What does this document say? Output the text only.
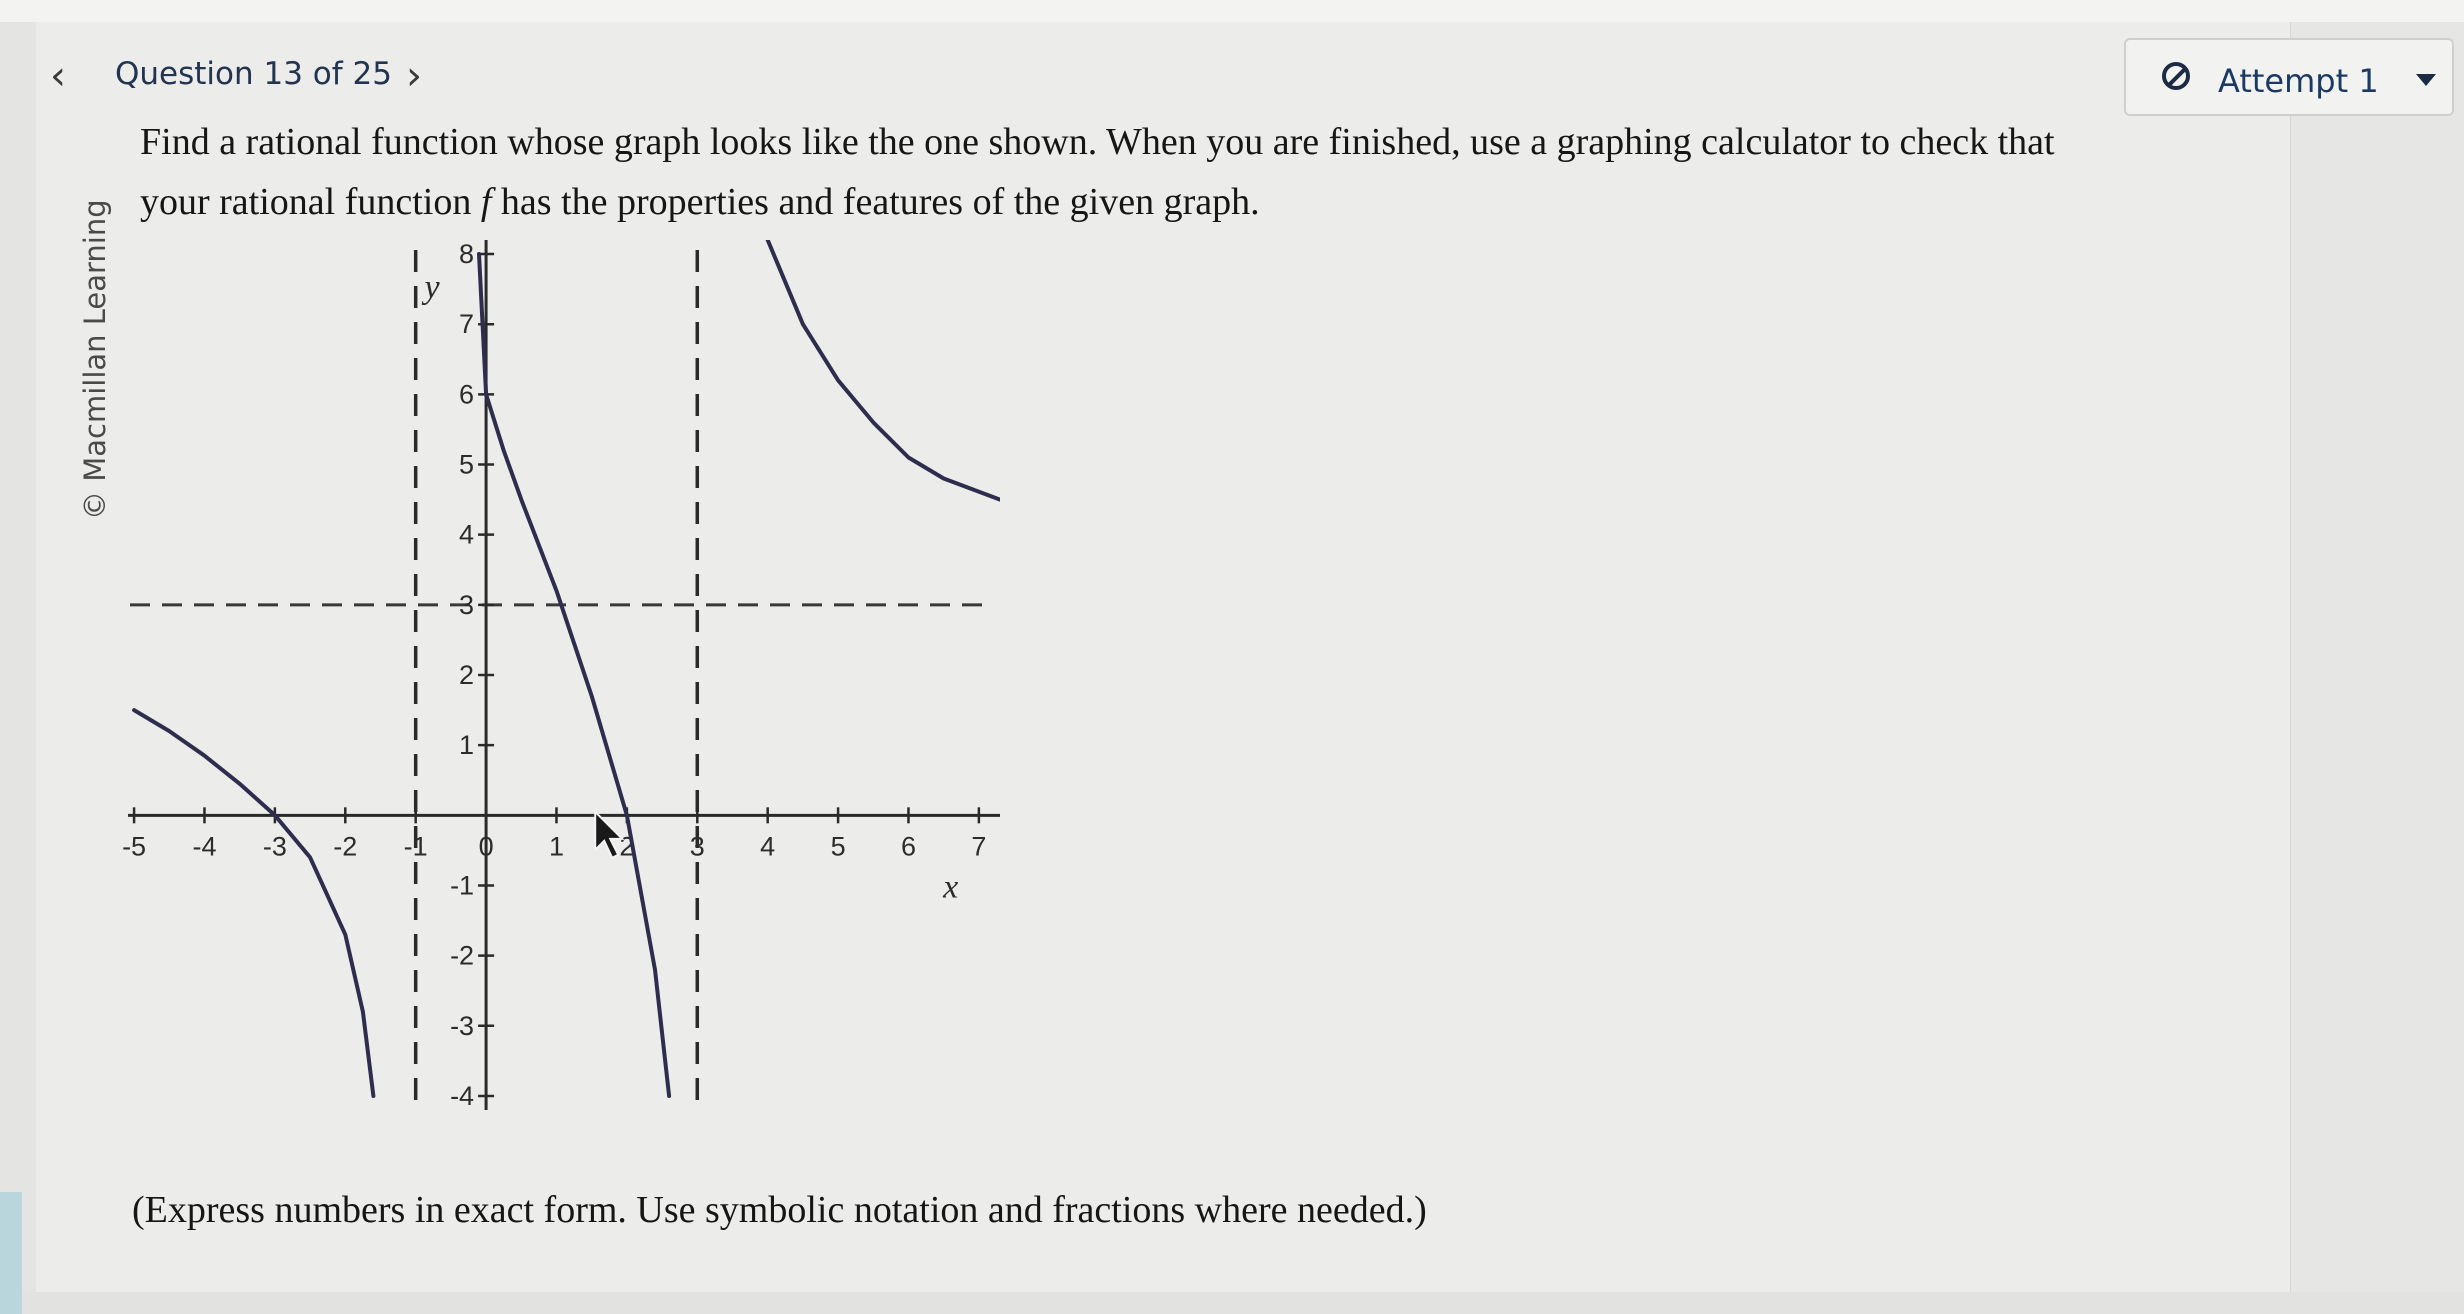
‹ Question 13 of 25 ›	Attempt 1
Find a rational function whose graph looks like the one shown. When you are finished, use a graphing calculator to check that
your rational function f has the properties and features of the given graph.
© Macmillan Learning
-5 -4 -3 -2 -1 0 1 2 3 4 5 6 7
-4
-3
-2
-1
1
2
3
4
5
6
7
8
x
y
(Express numbers in exact form. Use symbolic notation and fractions where needed.)
